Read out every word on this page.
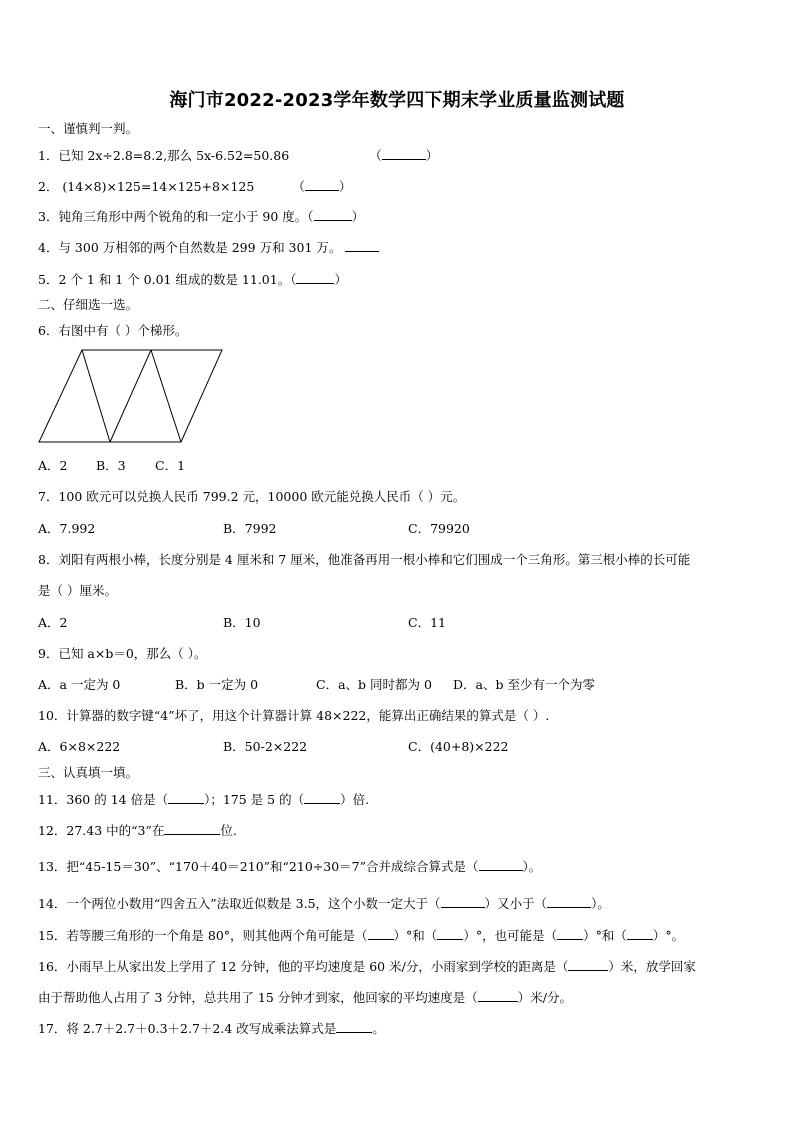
海门市2022-2023学年数学四下期末学业质量监测试题
一、谨慎判一判。
1．已知 2x÷2.8=8.2,那么 5x-6.52=50.86	（	）
2． (14×8)×125=14×125+8×125	（	）
3．钝角三角形中两个锐角的和一定小于 90 度。（	）
4．与 300 万相邻的两个自然数是 299 万和 301 万。
5．2 个 1 和 1 个 0.01 组成的数是 11.01。（	）
二、仔细选一选。
6．右图中有（ ）个梯形。
A．2 B．3 C．1
7．100 欧元可以兑换人民币 799.2 元，10000 欧元能兑换人民币（ ）元。
A．7.992	B．7992	C．79920
8．刘阳有两根小棒，长度分别是 4 厘米和 7 厘米，他准备再用一根小棒和它们围成一个三角形。第三根小棒的长可能
是（ ）厘米。
A．2	B．10	C．11
9．已知 a×b＝0，那么（ ）。
A．a 一定为 0	B．b 一定为 0	C．a、b 同时都为 0 D．a、b 至少有一个为零
10．计算器的数字键“4”坏了，用这个计算器计算 48×222，能算出正确结果的算式是（ ）.
A．6×8×222	B．50-2×222	C．(40+8)×222
三、认真填一填。
11．360 的 14 倍是（	）；175 是 5 的（	）倍.
12．27.43 中的“3”在	位.
13．把“45-15＝30”、“170＋40＝210”和“210÷30＝7”合并成综合算式是（	）。
14．一个两位小数用“四舍五入”法取近似数是 3.5，这个小数一定大于（	）又小于（	）。
15．若等腰三角形的一个角是 80°，则其他两个角可能是（ ）°和（ ）°，也可能是（ ）°和（ ）°。
16．小雨早上从家出发上学用了 12 分钟，他的平均速度是 60 米/分，小雨家到学校的距离是（	）米，放学回家
由于帮助他人占用了 3 分钟，总共用了 15 分钟才到家，他回家的平均速度是（	）米/分。
17．将 2.7＋2.7＋0.3＋2.7＋2.4 改写成乘法算式是	。
